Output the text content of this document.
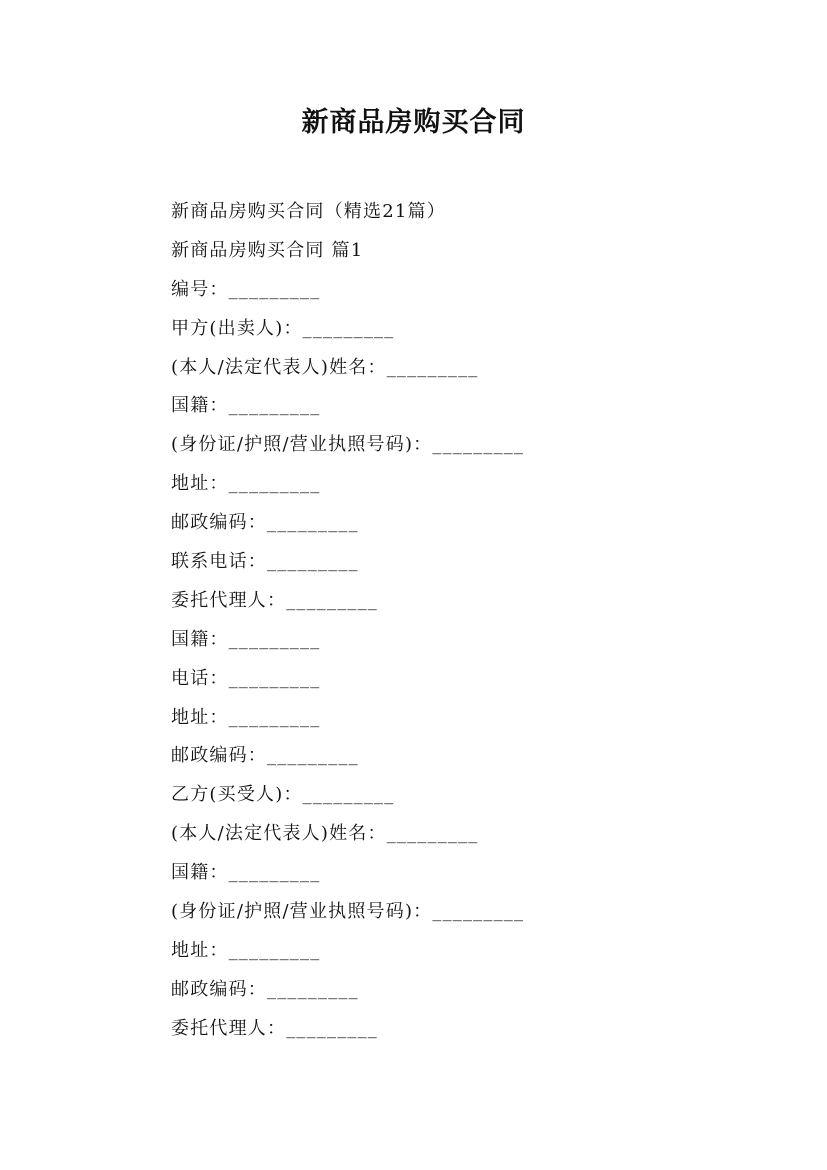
新商品房购买合同
新商品房购买合同（精选21篇）
新商品房购买合同 篇1
编号：_________
甲方(出卖人)：_________
(本人/法定代表人)姓名：_________
国籍：_________
(身份证/护照/营业执照号码)：_________
地址：_________
邮政编码：_________
联系电话：_________
委托代理人：_________
国籍：_________
电话：_________
地址：_________
邮政编码：_________
乙方(买受人)：_________
(本人/法定代表人)姓名：_________
国籍：_________
(身份证/护照/营业执照号码)：_________
地址：_________
邮政编码：_________
委托代理人：_________
